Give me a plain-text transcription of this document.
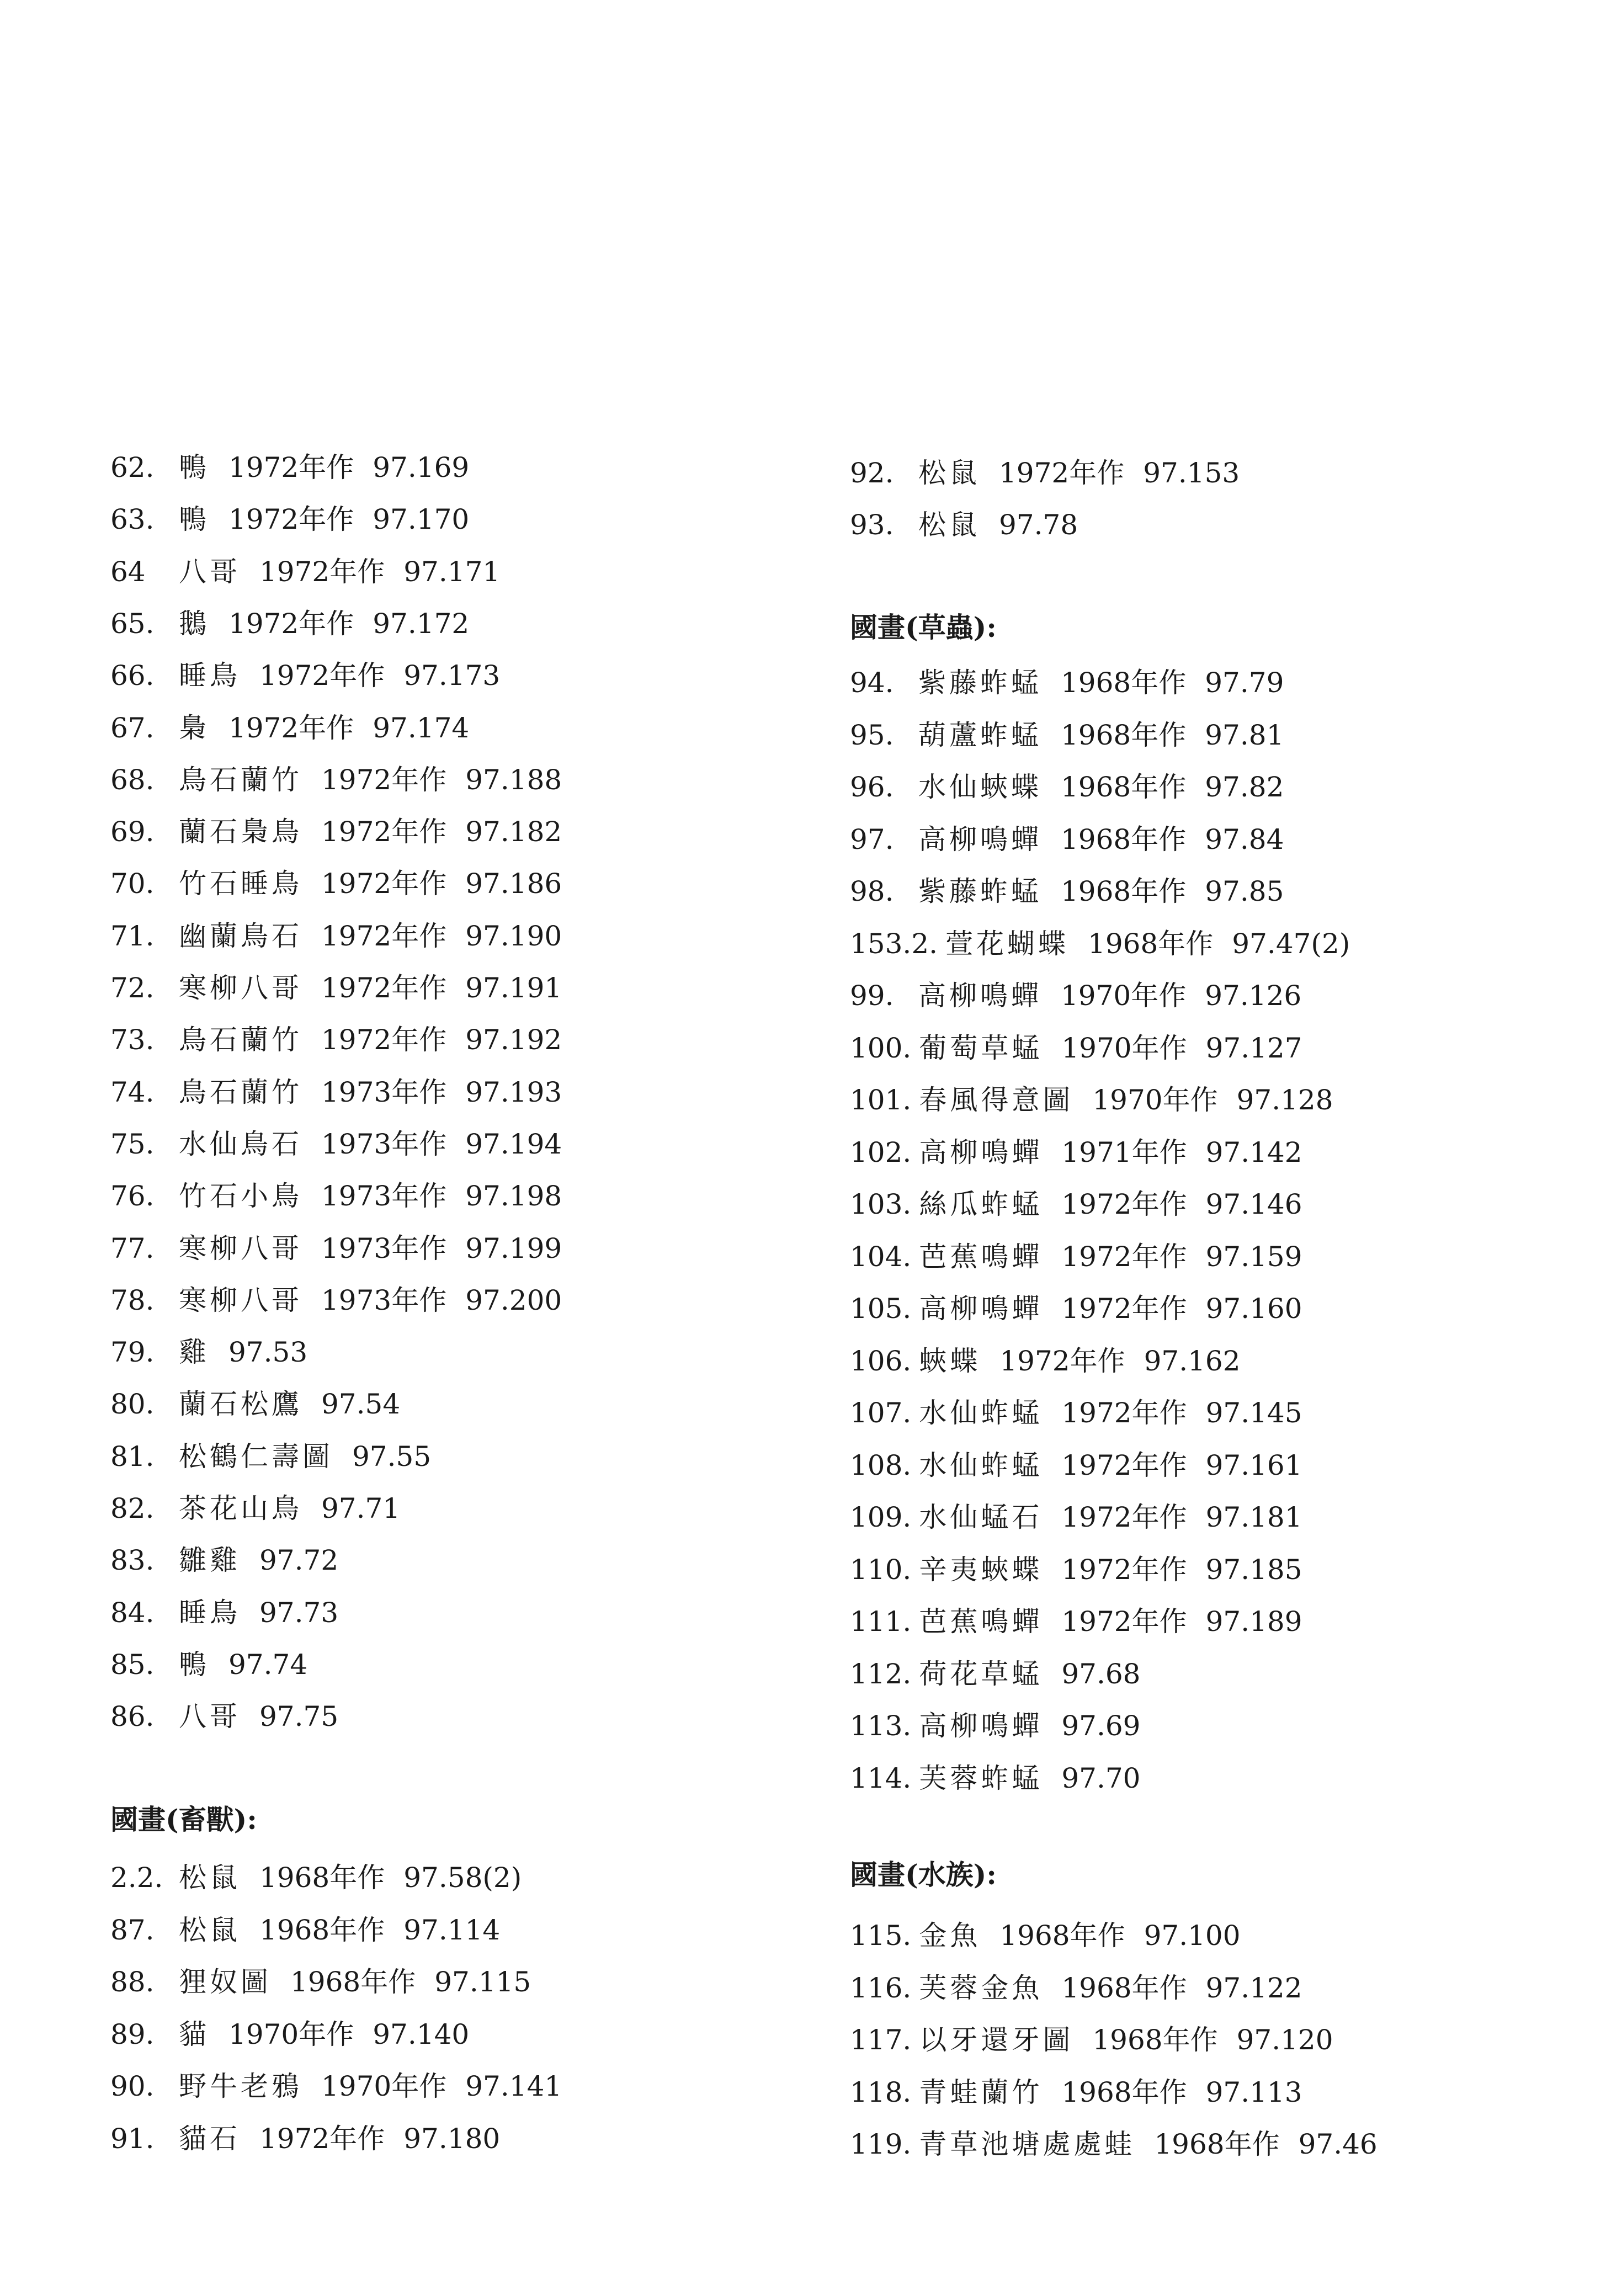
62. 鴨 1972年作 97.169
63. 鴨 1972年作 97.170
64 八哥 1972年作 97.171
65. 鵝 1972年作 97.172
66. 睡鳥 1972年作 97.173
67. 梟 1972年作 97.174
68. 鳥石蘭竹 1972年作 97.188
69. 蘭石梟鳥 1972年作 97.182
70. 竹石睡鳥 1972年作 97.186
71. 幽蘭鳥石 1972年作 97.190
72. 寒柳八哥 1972年作 97.191
73. 鳥石蘭竹 1972年作 97.192
74. 鳥石蘭竹 1973年作 97.193
75. 水仙鳥石 1973年作 97.194
76. 竹石小鳥 1973年作 97.198
77. 寒柳八哥 1973年作 97.199
78. 寒柳八哥 1973年作 97.200
79. 雞 97.53
80. 蘭石松鷹 97.54
81. 松鶴仁壽圖 97.55
82. 茶花山鳥 97.71
83. 雛雞 97.72
84. 睡鳥 97.73
85. 鴨 97.74
86. 八哥 97.75
國畫(畜獸):
2.2. 松鼠 1968年作 97.58(2)
87. 松鼠 1968年作 97.114
88. 狸奴圖 1968年作 97.115
89. 貓 1970年作 97.140
90. 野牛老鴉 1970年作 97.141
91. 貓石 1972年作 97.180
92. 松鼠 1972年作 97.153
93. 松鼠 97.78
國畫(草蟲):
94. 紫藤蚱蜢 1968年作 97.79
95. 葫蘆蚱蜢 1968年作 97.81
96. 水仙蛺蝶 1968年作 97.82
97. 高柳鳴蟬 1968年作 97.84
98. 紫藤蚱蜢 1968年作 97.85
153.2. 萱花蝴蝶 1968年作 97.47(2)
99. 高柳鳴蟬 1970年作 97.126
100. 葡萄草蜢 1970年作 97.127
101. 春風得意圖 1970年作 97.128
102. 高柳鳴蟬 1971年作 97.142
103. 絲瓜蚱蜢 1972年作 97.146
104. 芭蕉鳴蟬 1972年作 97.159
105. 高柳鳴蟬 1972年作 97.160
106. 蛺蝶 1972年作 97.162
107. 水仙蚱蜢 1972年作 97.145
108. 水仙蚱蜢 1972年作 97.161
109. 水仙蜢石 1972年作 97.181
110. 辛夷蛺蝶 1972年作 97.185
111. 芭蕉鳴蟬 1972年作 97.189
112. 荷花草蜢 97.68
113. 高柳鳴蟬 97.69
114. 芙蓉蚱蜢 97.70
國畫(水族):
115. 金魚 1968年作 97.100
116. 芙蓉金魚 1968年作 97.122
117. 以牙還牙圖 1968年作 97.120
118. 青蛙蘭竹 1968年作 97.113
119. 青草池塘處處蛙 1968年作 97.46
